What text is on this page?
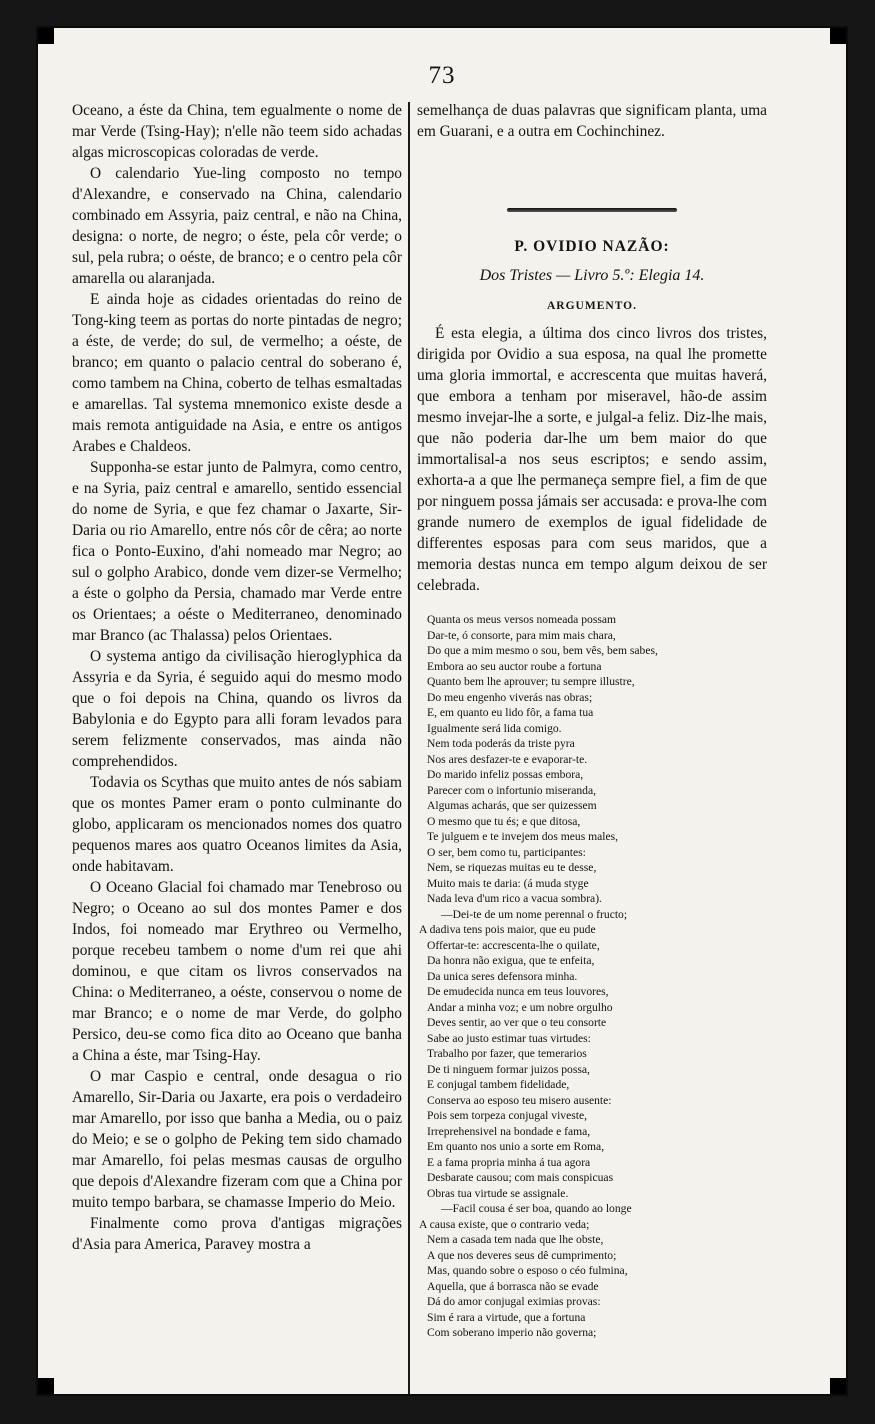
73

Oceano, a éste da China, tem egualmente o nome de mar Verde (Tsing-Hay); n'elle não teem sido achadas algas microscopicas coloradas de verde.

O calendario Yue-ling composto no tempo d'Alexandre, e conservado na China, calendario combinado em Assyria, paiz central, e não na China, designa: o norte, de negro; o éste, pela côr verde; o sul, pela rubra; o oéste, de branco; e o centro pela côr amarella ou alaranjada.

E ainda hoje as cidades orientadas do reino de Tong-king teem as portas do norte pintadas de negro; a éste, de verde; do sul, de vermelho; a oéste, de branco; em quanto o palacio central do soberano é, como tambem na China, coberto de telhas esmaltadas e amarellas. Tal systema mnemonico existe desde a mais remota antiguidade na Asia, e entre os antigos Arabes e Chaldeos.

Supponha-se estar junto de Palmyra, como centro, e na Syria, paiz central e amarello, sentido essencial do nome de Syria, e que fez chamar o Jaxarte, Sir-Daria ou rio Amarello, entre nós côr de cêra; ao norte fica o Ponto-Euxino, d'ahi nomeado mar Negro; ao sul o golpho Arabico, donde vem dizer-se Vermelho; a éste o golpho da Persia, chamado mar Verde entre os Orientaes; a oéste o Mediterraneo, denominado mar Branco (ac Thalassa) pelos Orientaes.

O systema antigo da civilisação hieroglyphica da Assyria e da Syria, é seguido aqui do mesmo modo que o foi depois na China, quando os livros da Babylonia e do Egypto para alli foram levados para serem felizmente conservados, mas ainda não comprehendidos.

Todavia os Scythas que muito antes de nós sabiam que os montes Pamer eram o ponto culminante do globo, applicaram os mencionados nomes dos quatro pequenos mares aos quatro Oceanos limites da Asia, onde habitavam.

O Oceano Glacial foi chamado mar Tenebroso ou Negro; o Oceano ao sul dos montes Pamer e dos Indos, foi nomeado mar Erythreo ou Vermelho, porque recebeu tambem o nome d'um rei que ahi dominou, e que citam os livros conservados na China: o Mediterraneo, a oéste, conservou o nome de mar Branco; e o nome de mar Verde, do golpho Persico, deu-se como fica dito ao Oceano que banha a China a éste, mar Tsing-Hay.

O mar Caspio e central, onde desagua o rio Amarello, Sir-Daria ou Jaxarte, era pois o verdadeiro mar Amarello, por isso que banha a Media, ou o paiz do Meio; e se o golpho de Peking tem sido chamado mar Amarello, foi pelas mesmas causas de orgulho que depois d'Alexandre fizeram com que a China por muito tempo barbara, se chamasse Imperio do Meio.

Finalmente como prova d'antigas migrações d'Asia para America, Paravey mostra a

semelhança de duas palavras que significam planta, uma em Guarani, e a outra em Cochinchinez.

P. OVIDIO NAZÃO:
Dos Tristes — Livro 5.º: Elegia 14.
ARGUMENTO.

É esta elegia, a última dos cinco livros dos tristes, dirigida por Ovidio a sua esposa, na qual lhe promette uma gloria immortal, e accrescenta que muitas haverá, que embora a tenham por miseravel, hão-de assim mesmo invejar-lhe a sorte, e julgal-a feliz. Diz-lhe mais, que não poderia dar-lhe um bem maior do que immortalisal-a nos seus escriptos; e sendo assim, exhorta-a a que lhe permaneça sempre fiel, a fim de que por ninguem possa jámais ser accusada: e prova-lhe com grande numero de exemplos de igual fidelidade de differentes esposas para com seus maridos, que a memoria destas nunca em tempo algum deixou de ser celebrada.

Quanta os meus versos nomeada possam
Dar-te, ó consorte, para mim mais chara,
Do que a mim mesmo o sou, bem vês, bem sabes,
Embora ao seu auctor roube a fortuna
Quanto bem lhe aprouver; tu sempre illustre,
Do meu engenho viverás nas obras;
E, em quanto eu lido fôr, a fama tua
Igualmente será lida comigo.
Nem toda poderás da triste pyra
Nos ares desfazer-te e evaporar-te.
Do marido infeliz possas embora,
Parecer com o infortunio miseranda,
Algumas acharás, que ser quizessem
O mesmo que tu és; e que ditosa,
Te julguem e te invejem dos meus males,
O ser, bem como tu, participantes:
Nem, se riquezas muitas eu te desse,
Muito mais te daria: (á muda styge
Nada leva d'um rico a vacua sombra).
—Dei-te de um nome perennal o fructo;
A dadiva tens pois maior, que eu pude
Offertar-te: accrescenta-lhe o quilate,
Da honra não exigua, que te enfeita,
Da unica seres defensora minha.
De emudecida nunca em teus louvores,
Andar a minha voz; e um nobre orgulho
Deves sentir, ao ver que o teu consorte
Sabe ao justo estimar tuas virtudes:
Trabalho por fazer, que temerarios
De ti ninguem formar juizos possa,
E conjugal tambem fidelidade,
Conserva ao esposo teu misero ausente:
Pois sem torpeza conjugal viveste,
Irreprehensivel na bondade e fama,
Em quanto nos unio a sorte em Roma,
E a fama propria minha á tua agora
Desbarate causou; com mais conspicuas
Obras tua virtude se assignale.
—Facil cousa é ser boa, quando ao longe
A causa existe, que o contrario veda;
Nem a casada tem nada que lhe obste,
A que nos deveres seus dê cumprimento;
Mas, quando sobre o esposo o céo fulmina,
Aquella, que á borrasca não se evade
Dá do amor conjugal eximias provas:
Sim é rara a virtude, que a fortuna
Com soberano imperio não governa;
